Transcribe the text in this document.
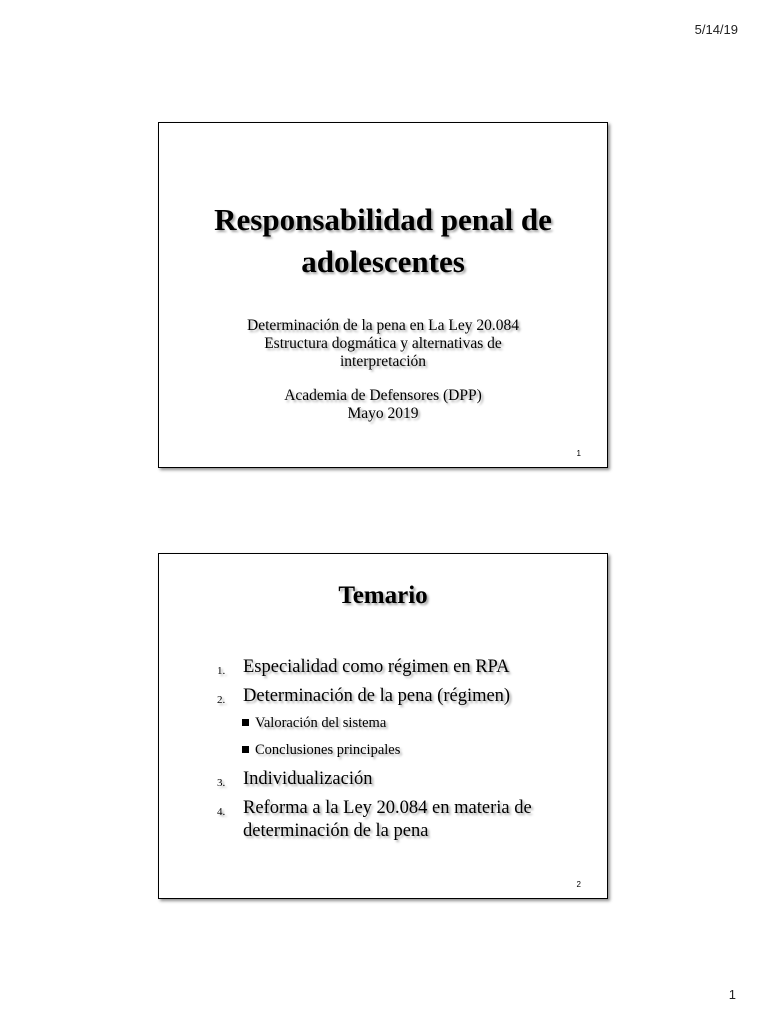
5/14/19
Responsabilidad penal de
adolescentes
Determinación de la pena en La Ley 20.084
Estructura dogmática y alternativas de
interpretación
Academia de Defensores (DPP)
Mayo 2019
1
Temario
1. Especialidad como régimen en RPA
2. Determinación de la pena (régimen)
Valoración del sistema
Conclusiones principales
3. Individualización
4. Reforma a la Ley 20.084 en materia de
determinación de la pena
2
1
